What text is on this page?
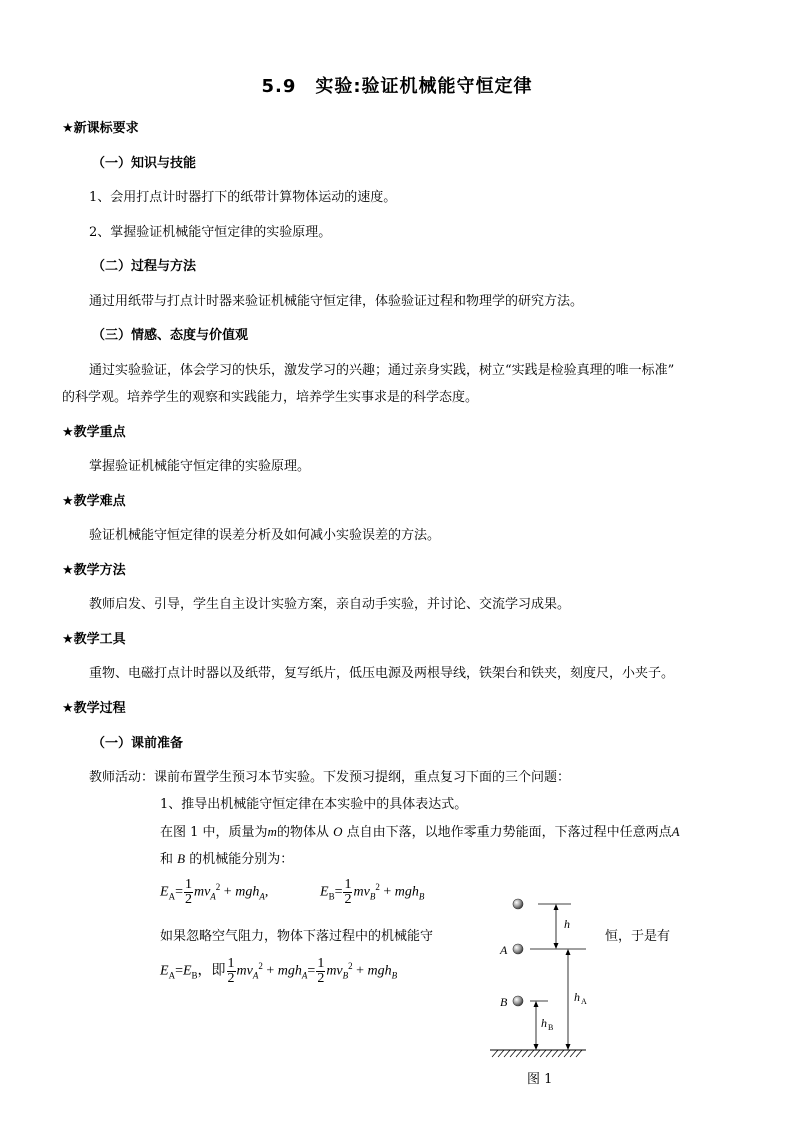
5.9　实验:验证机械能守恒定律
★新课标要求
（一）知识与技能
1、会用打点计时器打下的纸带计算物体运动的速度。
2、掌握验证机械能守恒定律的实验原理。
（二）过程与方法
通过用纸带与打点计时器来验证机械能守恒定律，体验验证过程和物理学的研究方法。
（三）情感、态度与价值观
通过实验验证，体会学习的快乐，激发学习的兴趣；通过亲身实践，树立“实践是检验真理的唯一标准”
的科学观。培养学生的观察和实践能力，培养学生实事求是的科学态度。
★教学重点
掌握验证机械能守恒定律的实验原理。
★教学难点
验证机械能守恒定律的误差分析及如何减小实验误差的方法。
★教学方法
教师启发、引导，学生自主设计实验方案，亲自动手实验，并讨论、交流学习成果。
★教学工具
重物、电磁打点计时器以及纸带，复写纸片，低压电源及两根导线，铁架台和铁夹，刻度尺，小夹子。
★教学过程
（一）课前准备
教师活动：课前布置学生预习本节实验。下发预习提纲，重点复习下面的三个问题：
1、推导出机械能守恒定律在本实验中的具体表达式。
在图 1 中，质量为m的物体从 O 点自由下落，以地作零重力势能面，下落过程中任意两点A
和 B 的机械能分别为：
$E_A= \frac{1}{2} mv_A^2 + mgh_A$,	$E_B= \frac{1}{2} mv_B^2 + mgh_B$
如果忽略空气阻力，物体下落过程中的机械能守	恒，于是有
$E_A=E_B$，即 $\frac{1}{2} mv_A^2 + mgh_A= \frac{1}{2} mv_B^2 + mgh_B$
h
h A
h B
A
B
图 1
